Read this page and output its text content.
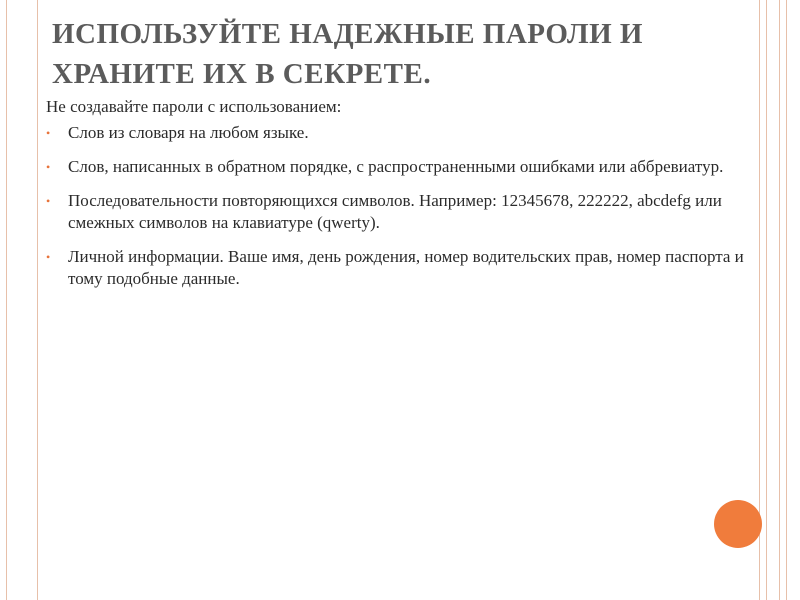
ИСПОЛЬЗУЙТЕ НАДЕЖНЫЕ ПАРОЛИ И ХРАНИТЕ ИХ В СЕКРЕТЕ.

Не создавайте пароли с использованием:

•	Слов из словаря на любом языке.
•	Слов, написанных в обратном порядке, с распространенными ошибками или аббревиатур.
•	Последовательности повторяющихся символов. Например: 12345678, 222222, abcdefg или смежных символов на клавиатуре (qwerty).
•	Личной информации. Ваше имя, день рождения, номер водительских прав, номер паспорта и тому подобные данные.
